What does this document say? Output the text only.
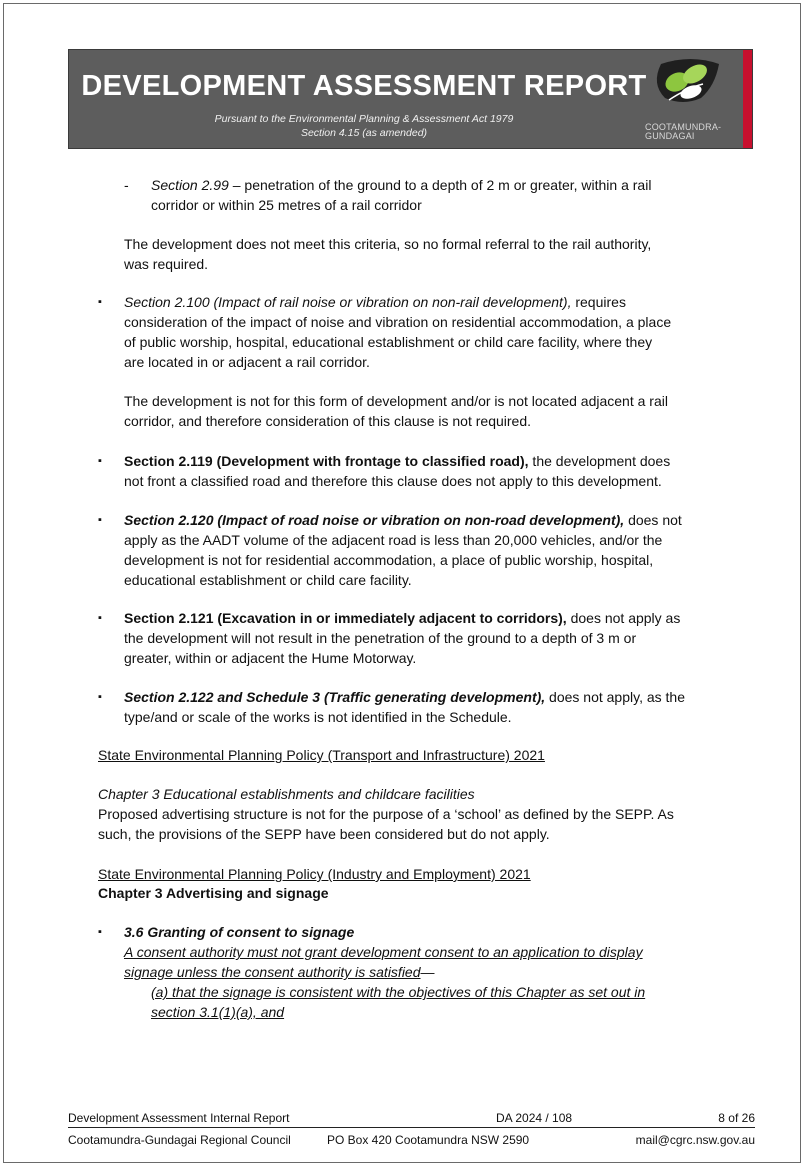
DEVELOPMENT ASSESSMENT REPORT
Pursuant to the Environmental Planning & Assessment Act 1979
Section 4.15 (as amended)	COOTAMUNDRA-
GUNDAGAI
- Section 2.99 – penetration of the ground to a depth of 2 m or greater, within a rail

corridor or within 25 metres of a rail corridor

The development does not meet this criteria, so no formal referral to the rail authority,

was required.

▪ Section 2.100 (Impact of rail noise or vibration on non-rail development), requires

consideration of the impact of noise and vibration on residential accommodation, a place

of public worship, hospital, educational establishment or child care facility, where they

are located in or adjacent a rail corridor.

The development is not for this form of development and/or is not located adjacent a rail

corridor, and therefore consideration of this clause is not required.

▪ Section 2.119 (Development with frontage to classified road), the development does

not front a classified road and therefore this clause does not apply to this development.

▪ Section 2.120 (Impact of road noise or vibration on non-road development), does not

apply as the AADT volume of the adjacent road is less than 20,000 vehicles, and/or the

development is not for residential accommodation, a place of public worship, hospital,

educational establishment or child care facility.

▪ Section 2.121 (Excavation in or immediately adjacent to corridors), does not apply as

the development will not result in the penetration of the ground to a depth of 3 m or

greater, within or adjacent the Hume Motorway.

▪ Section 2.122 and Schedule 3 (Traffic generating development), does not apply, as the

type/and or scale of the works is not identified in the Schedule.

State Environmental Planning Policy (Transport and Infrastructure) 2021
Chapter 3 Educational establishments and childcare facilities

Proposed advertising structure is not for the purpose of a ‘school’ as defined by the SEPP. As

such, the provisions of the SEPP have been considered but do not apply.

State Environmental Planning Policy (Industry and Employment) 2021
Chapter 3 Advertising and signage
▪ 3.6 Granting of consent to signage

A consent authority must not grant development consent to an application to display

signage unless the consent authority is satisfied—

(a) that the signage is consistent with the objectives of this Chapter as set out in

section 3.1(1)(a), and

Development Assessment Internal Report	DA 2024 / 108	8 of 26
Cootamundra-Gundagai Regional Council	PO Box 420 Cootamundra NSW 2590	mail@cgrc.nsw.gov.au
